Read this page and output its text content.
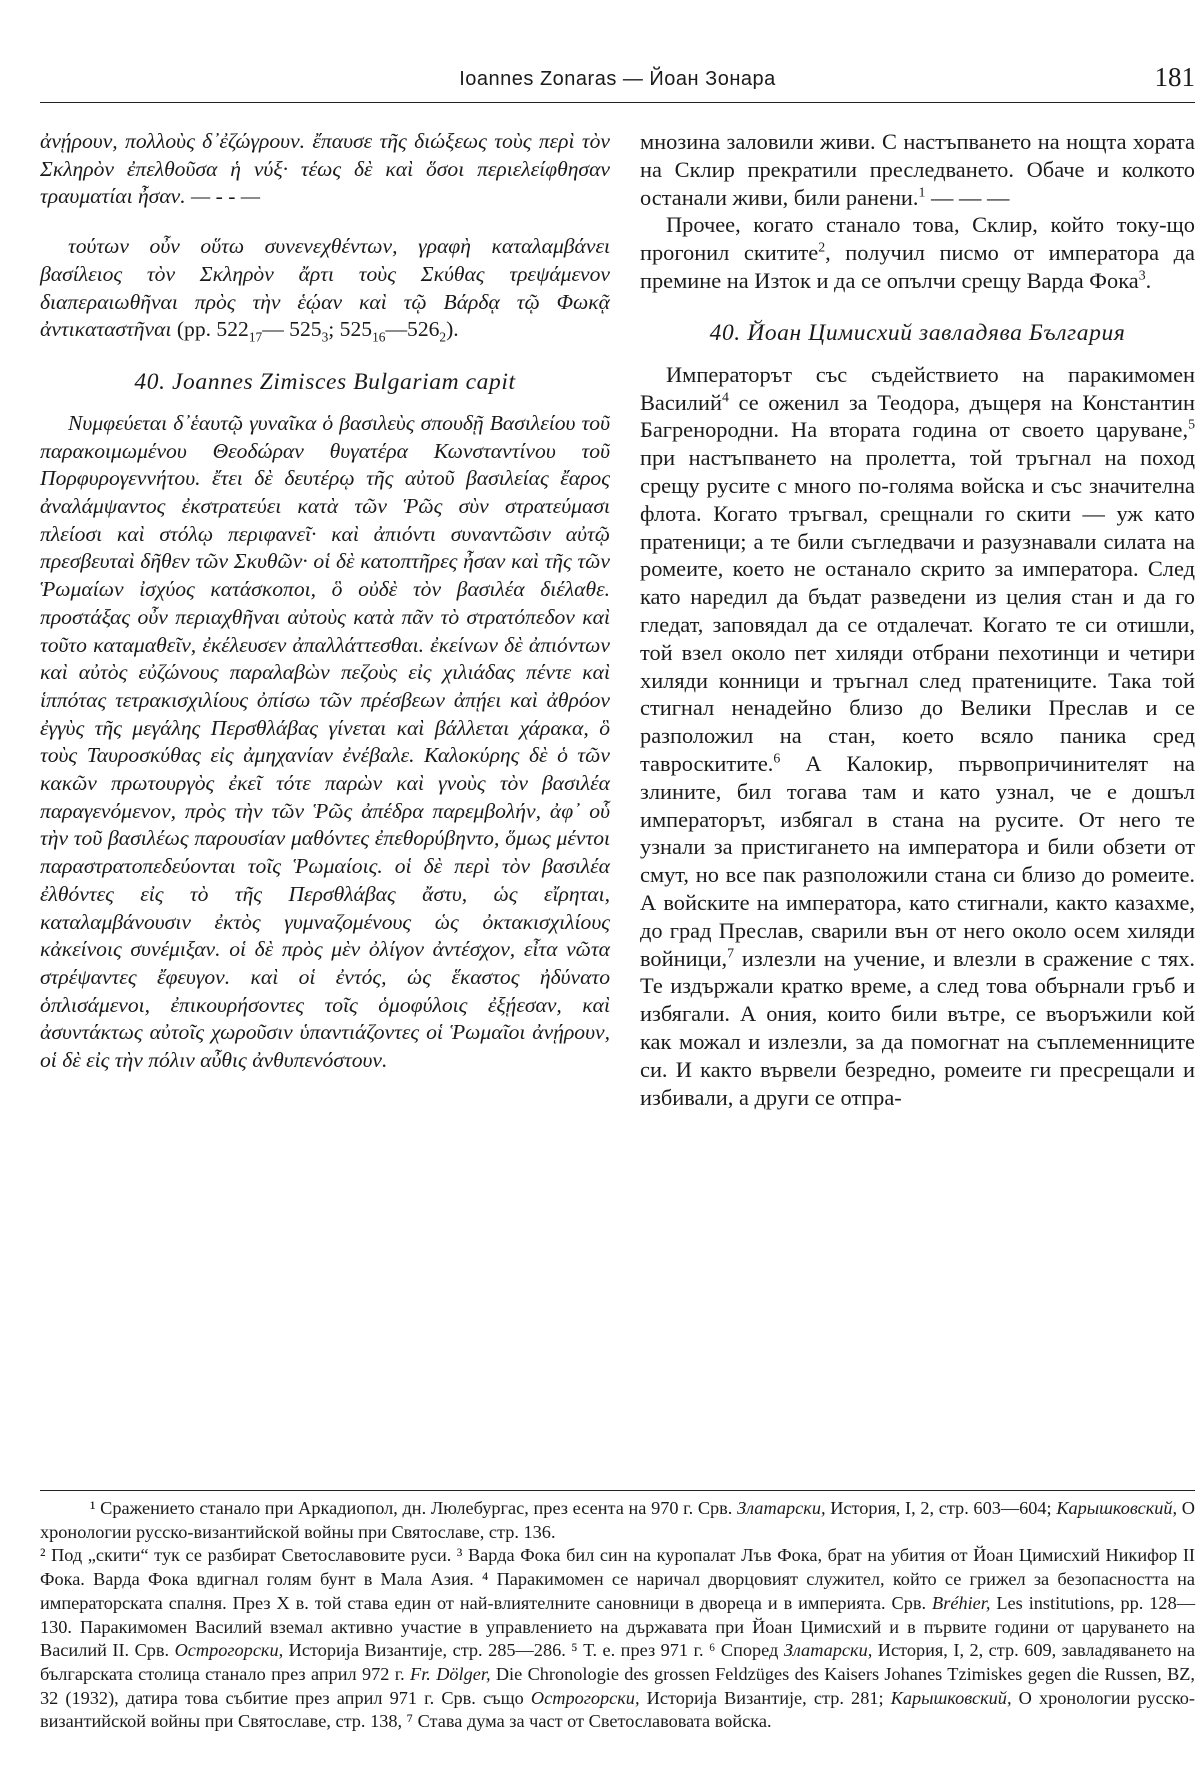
Ioannes Zonaras — Йоан Зонара	181

ἀνῄρουν, πολλοὺς δ᾽ἐζώγρουν. ἔπαυσε τῆς διώξεως τοὺς περὶ τὸν Σκληρὸν ἐπελθοῦσα ἡ νύξ· τέως δὲ καὶ ὅσοι περιελείφθησαν τραυματίαι ἦσαν. — - - —

τούτων οὖν οὕτω συνενεχθέντων, γραφὴ καταλαμβάνει βασίλειος τὸν Σκληρὸν ἄρτι τοὺς Σκύθας τρεψάμενον διαπεραιωθῆναι πρὸς τὴν ἑῴαν καὶ τῷ Βάρδᾳ τῷ Φωκᾷ ἀντικαταστῆναι (pp. $522_{17}—$ $525_3$; $525_{16}—526_2$).

40. Joannes Zimisces Bulgariam capit

Νυμφεύεται δ᾽ἑαυτῷ γυναῖκα ὁ βασιλεὺς σπουδῇ Βασιλείου τοῦ παρακοιμωμένου Θεοδώραν θυγατέρα Κωνσταντίνου τοῦ Πορφυρογεννήτου. ἔτει δὲ δευτέρῳ τῆς αὐτοῦ βασιλείας ἔαρος ἀναλάμψαντος ἐκστρατεύει κατὰ τῶν Ῥῶς σὺν στρατεύμασι πλείοσι καὶ στόλῳ περιφανεῖ· καὶ ἀπιόντι συναντῶσιν αὐτῷ πρεσβευταὶ δῆθεν τῶν Σκυθῶν· οἱ δὲ κατοπτῆρες ἦσαν καὶ τῆς τῶν Ῥωμαίων ἰσχύος κατάσκοποι, ὃ οὐδὲ τὸν βασιλέα διέλαθε. προστάξας οὖν περιαχθῆναι αὐτοὺς κατὰ πᾶν τὸ στρατόπεδον καὶ τοῦτο καταμαθεῖν, ἐκέλευσεν ἀπαλλάττεσθαι. ἐκείνων δὲ ἀπιόντων καὶ αὐτὸς εὐζώνους παραλαβὼν πεζοὺς εἰς χιλιάδας πέντε καὶ ἱππότας τετρακισχιλίους ὀπίσω τῶν πρέσβεων ἀπῄει καὶ ἀθρόον ἐγγὺς τῆς μεγάλης Περσθλάβας γίνεται καὶ βάλλεται χάρακα, ὃ τοὺς Ταυροσκύθας εἰς ἀμηχανίαν ἐνέβαλε. Καλοκύρης δὲ ὁ τῶν κακῶν πρωτουργὸς ἐκεῖ τότε παρὼν καὶ γνοὺς τὸν βασιλέα παραγενόμενον, πρὸς τὴν τῶν Ῥῶς ἀπέδρα παρεμβολήν, ἀφ᾽ οὗ τὴν τοῦ βασιλέως παρουσίαν μαθόντες ἐπεθορύβηντο, ὅμως μέντοι παραστρατοπεδεύονται τοῖς Ῥωμαίοις. οἱ δὲ περὶ τὸν βασιλέα ἐλθόντες εἰς τὸ τῆς Περσθλάβας ἄστυ, ὡς εἴρηται, καταλαμβάνουσιν ἐκτὸς γυμναζομένους ὡς ὀκτακισχιλίους κἀκείνοις συνέμιξαν. οἱ δὲ πρὸς μὲν ὀλίγον ἀντέσχον, εἶτα νῶτα στρέψαντες ἔφευγον. καὶ οἱ ἐντός, ὡς ἕκαστος ἠδύνατο ὁπλισάμενοι, ἐπικουρήσοντες τοῖς ὁμοφύλοις ἐξῄεσαν, καὶ ἀσυντάκτως αὐτοῖς χωροῦσιν ὑπαντιάζοντες οἱ Ῥωμαῖοι ἀνῄρουν, οἱ δὲ εἰς τὴν πόλιν αὖθις ἀνθυπενόστουν.

мнозина заловили живи. С настъпването на нощта хората на Склир прекратили преследването. Обаче и колкото останали живи, били ранени.$^1$ — — —

Прочее, когато станало това, Склир, който току-що прогонил скитите$^2$, получил писмо от императора да премине на Изток и да се опълчи срещу Варда Фока$^3$.

40. Йоан Цимисхий завладява България

Императорът със съдействието на паракимомен Василий$^4$ се оженил за Теодора, дъщеря на Константин Багренородни. На втората година от своето царуване,$^5$ при настъпването на пролетта, той тръгнал на поход срещу русите с много по-голяма войска и със значителна флота. Когато тръгвал, срещнали го скити — уж като пратеници; а те били съгледвачи и разузнавали силата на ромеите, което не останало скрито за императора. След като наредил да бъдат разведени из целия стан и да го гледат, заповядал да се отдалечат. Когато те си отишли, той взел около пет хиляди отбрани пехотинци и четири хиляди конници и тръгнал след пратениците. Така той стигнал ненадейно близо до Велики Преслав и се разположил на стан, което всяло паника сред тавроскитите.$^6$ А Калокир, първопричинителят на злините, бил тогава там и като узнал, че е дошъл императорът, избягал в стана на русите. От него те узнали за пристигането на императора и били обзети от смут, но все пак разположили стана си близо до ромеите. А войските на императора, като стигнали, както казахме, до град Преслав, сварили вън от него около осем хиляди войници,$^7$ излезли на учение, и влезли в сражение с тях. Те издържали кратко време, а след това обърнали гръб и избягали. А ония, които били вътре, се въоръжили кой как можал и излезли, за да помогнат на съплеменниците си. И както вървели безредно, ромеите ги пресрещали и избивали, а други се отпра-

¹ Сражението станало при Аркадиопол, дн. Люлебургас, през есента на 970 г. Срв. Златарски, История, I, 2, стр. 603—604; Карышковский, О хронологии русско-византийской войны при Святославе, стр. 136.

² Под „скити“ тук се разбират Светославовите руси. ³ Варда Фока бил син на куропалат Лъв Фока, брат на убития от Йоан Цимисхий Никифор II Фока. Варда Фока вдигнал голям бунт в Мала Азия. ⁴ Паракимомен се наричал дворцовият служител, който се грижел за безопасността на императорската спалня. През X в. той става един от най-влиятелните сановници в двореца и в империята. Срв. Bréhier, Les institutions, pp. 128—130. Паракимомен Василий вземал активно участие в управлението на държавата при Йоан Цимисхий и в първите години от царуването на Василий II. Срв. Острогорски, Историја Византије, стр. 285—286. ⁵ Т. е. през 971 г. ⁶ Според Златарски, История, I, 2, стр. 609, завладяването на българската столица станало през април 972 г. Fr. Dölger, Die Chronologie des grossen Feldzüges des Kaisers Johanes Tzimiskes gegen die Russen, BZ, 32 (1932), датира това събитие през април 971 г. Срв. също Острогорски, Историја Византије, стр. 281; Карышковский, О хронологии русско-византийской войны при Святославе, стр. 138, ⁷ Става дума за част от Светославовата войска.
